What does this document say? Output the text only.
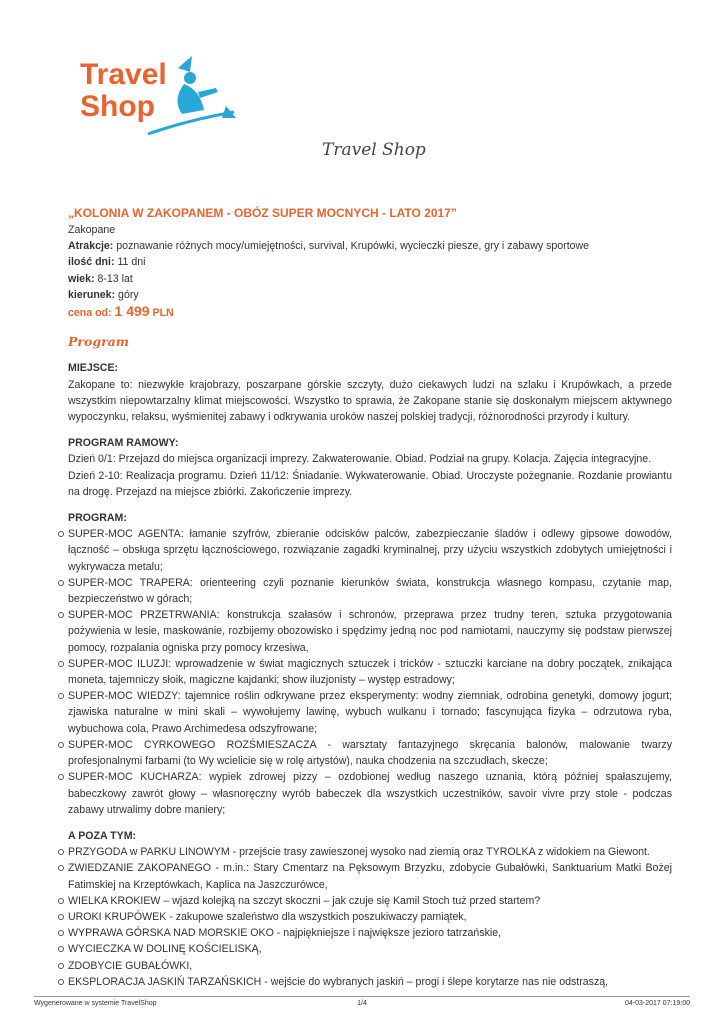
Travel
Shop
Travel Shop
„KOLONIA W ZAKOPANEM - OBÓZ SUPER MOCNYCH - LATO 2017”
Zakopane
Atrakcje: poznawanie różnych mocy/umiejętności, survival, Krupówki, wycieczki piesze, gry i zabawy sportowe
ilość dni: 11 dni
wiek: 8-13 lat
kierunek: góry
cena od: 1 499 PLN
Program
MIEJSCE:

Zakopane to: niezwykłe krajobrazy, poszarpane górskie szczyty, dużo ciekawych ludzi na szlaku i Krupówkach, a przede wszystkim niepowtarzalny klimat miejscowości. Wszystko to sprawia, że Zakopane stanie się doskonałym miejscem aktywnego wypoczynku, relaksu, wyśmienitej zabawy i odkrywania uroków naszej polskiej tradycji, różnorodności przyrody i kultury.

PROGRAM RAMOWY:

Dzień 0/1: Przejazd do miejsca organizacji imprezy. Zakwaterowanie. Obiad. Podział na grupy. Kolacja. Zajęcia integracyjne.

Dzień 2-10: Realizacja programu. Dzień 11/12: Śniadanie. Wykwaterowanie. Obiad. Uroczyste pożegnanie. Rozdanie prowiantu na drogę. Przejazd na miejsce zbiórki. Zakończenie imprezy.

PROGRAM:
SUPER-MOC AGENTA: łamanie szyfrów, zbieranie odcisków palców, zabezpieczanie śladów i odlewy gipsowe dowodów, łączność – obsługa sprzętu łącznościowego, rozwiązanie zagadki kryminalnej, przy użyciu wszystkich zdobytych umiejętności i wykrywacza metalu;
SUPER-MOC TRAPERA: orienteering czyli poznanie kierunków świata, konstrukcja własnego kompasu, czytanie map, bezpieczeństwo w górach;
SUPER-MOC PRZETRWANIA: konstrukcja szałasów i schronów, przeprawa przez trudny teren, sztuka przygotowania pożywienia w lesie, maskowanie, rozbijemy obozowisko i spędzimy jedną noc pod namiotami, nauczymy się podstaw pierwszej pomocy, rozpalania ogniska przy pomocy krzesiwa,
SUPER-MOC ILUZJI: wprowadzenie w świat magicznych sztuczek i tricków - sztuczki karciane na dobry początek, znikająca moneta, tajemniczy słoik, magiczne kajdanki; show iluzjonisty – występ estradowy;
SUPER-MOC WIEDZY: tajemnice roślin odkrywane przez eksperymenty: wodny ziemniak, odrobina genetyki, domowy jogurt; zjawiska naturalne w mini skali – wywołujemy lawinę, wybuch wulkanu i tornado; fascynująca fizyka – odrzutowa ryba, wybuchowa cola, Prawo Archimedesa odszyfrowane;
SUPER-MOC CYRKOWEGO ROZŚMIESZACZA - warsztaty fantazyjnego skręcania balonów, malowanie twarzy profesjonalnymi farbami (to Wy wcielicie się w rolę artystów), nauka chodzenia na szczudłach, skecze;
SUPER-MOC KUCHARZA: wypiek zdrowej pizzy – ozdobionej według naszego uznania, którą później spałaszujemy, babeczkowy zawrót głowy – własnoręczny wyrób babeczek dla wszystkich uczestników, savoir vivre przy stole - podczas zabawy utrwalimy dobre maniery;
A POZA TYM:
PRZYGODA w PARKU LINOWYM - przejście trasy zawieszonej wysoko nad ziemią oraz TYROLKA z widokiem na Giewont.
ZWIEDZANIE ZAKOPANEGO - m.in.: Stary Cmentarz na Pęksowym Brzyzku, zdobycie Gubałówki, Sanktuarium Matki Bożej Fatimskiej na Krzeptówkach, Kaplica na Jaszczurówce,
WIELKA KROKIEW – wjazd kolejką na szczyt skoczni – jak czuje się Kamil Stoch tuż przed startem?
UROKI KRUPÓWEK - zakupowe szaleństwo dla wszystkich poszukiwaczy pamiątek,
WYPRAWA GÓRSKA NAD MORSKIE OKO - najpiękniejsze i największe jezioro tatrzańskie,
WYCIECZKA W DOLINĘ KOŚCIELISKĄ,
ZDOBYCIE GUBAŁÓWKI,
EKSPLORACJA JASKIŃ TARZAŃSKICH - wejście do wybranych jaskiń – progi i ślepe korytarze nas nie odstraszą,
Wygenerowane w systemie TravelShop	1/4	04-03-2017 07:19:00
